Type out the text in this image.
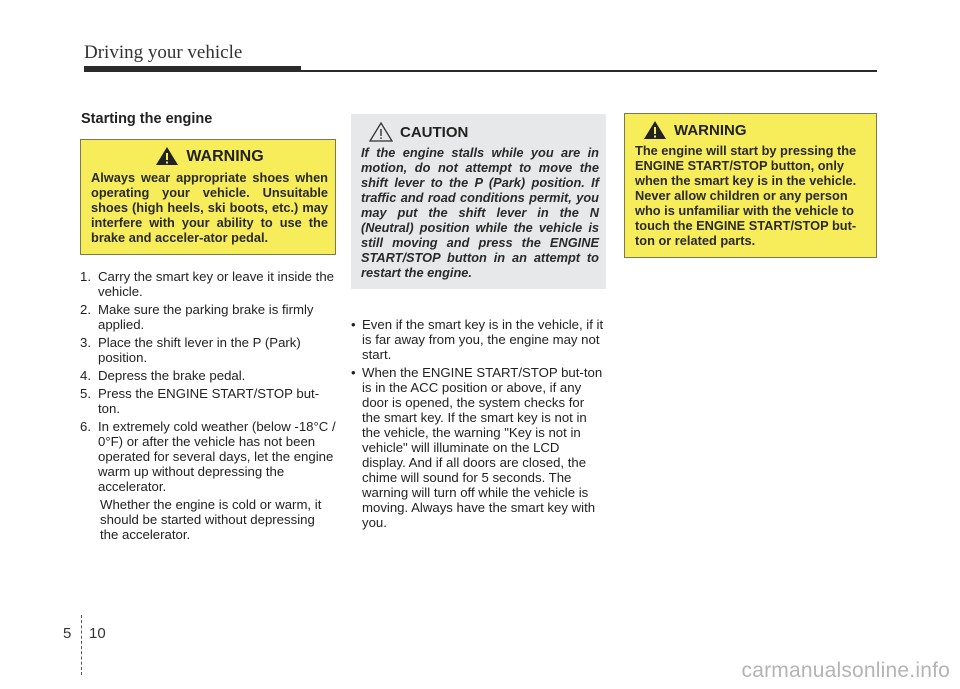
Driving your vehicle
Starting the engine
WARNING
Always wear appropriate shoes when operating your vehicle. Unsuitable shoes (high heels, ski boots, etc.) may interfere with your ability to use the brake and acceler-ator pedal.
1. Carry the smart key or leave it inside the vehicle.
2. Make sure the parking brake is firmly applied.
3. Place the shift lever in the P (Park) position.
4. Depress the brake pedal.
5. Press the ENGINE START/STOP but-ton.
6. In extremely cold weather (below -18°C / 0°F) or after the vehicle has not been operated for several days, let the engine warm up without depressing the accelerator.
Whether the engine is cold or warm, it should be started without depressing the accelerator.
CAUTION
If the engine stalls while you are in motion, do not attempt to move the shift lever to the P (Park) position. If traffic and road conditions permit, you may put the shift lever in the N (Neutral) position while the vehicle is still moving and press the ENGINE START/STOP button in an attempt to restart the engine.
• Even if the smart key is in the vehicle, if it is far away from you, the engine may not start.
• When the ENGINE START/STOP but-ton is in the ACC position or above, if any door is opened, the system checks for the smart key. If the smart key is not in the vehicle, the warning "Key is not in vehicle" will illuminate on the LCD display. And if all doors are closed, the chime will sound for 5 seconds. The warning will turn off while the vehicle is moving. Always have the smart key with you.
WARNING
The engine will start by pressing the ENGINE START/STOP button, only when the smart key is in the vehicle. Never allow children or any person who is unfamiliar with the vehicle to touch the ENGINE START/STOP but-ton or related parts.
5 10
carmanualsonline.info
